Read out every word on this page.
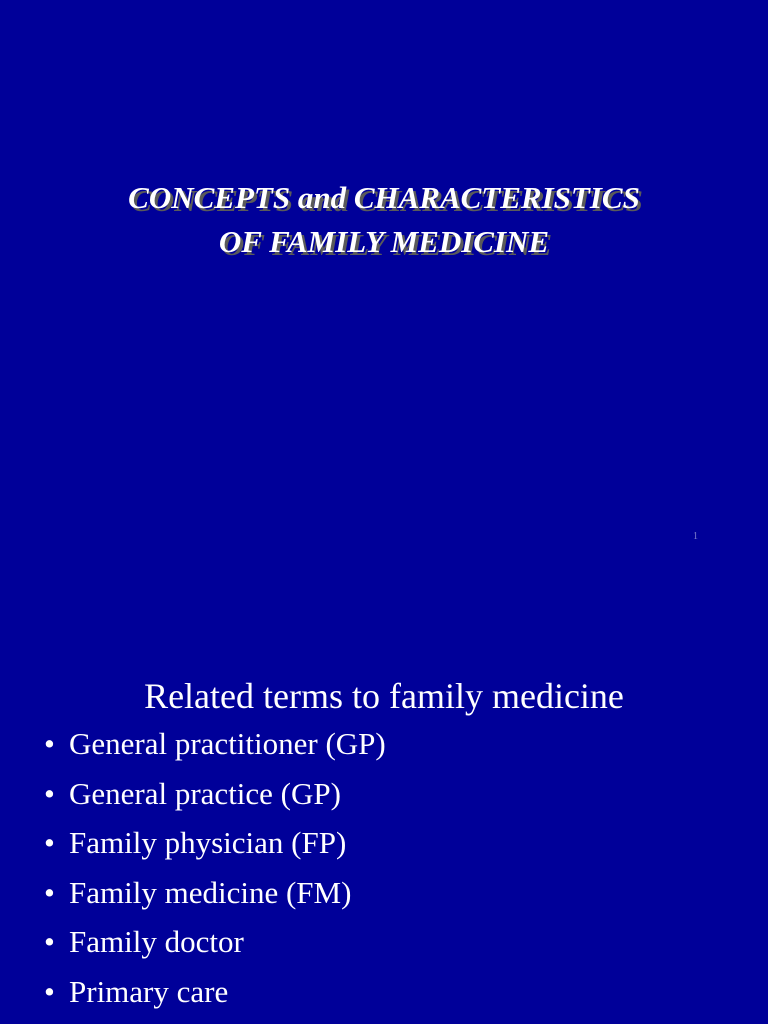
CONCEPTS and CHARACTERISTICS
OF FAMILY MEDICINE
1
Related terms to family medicine
• General practitioner (GP)
• General practice (GP)
• Family physician (FP)
• Family medicine (FM)
• Family doctor
• Primary care
